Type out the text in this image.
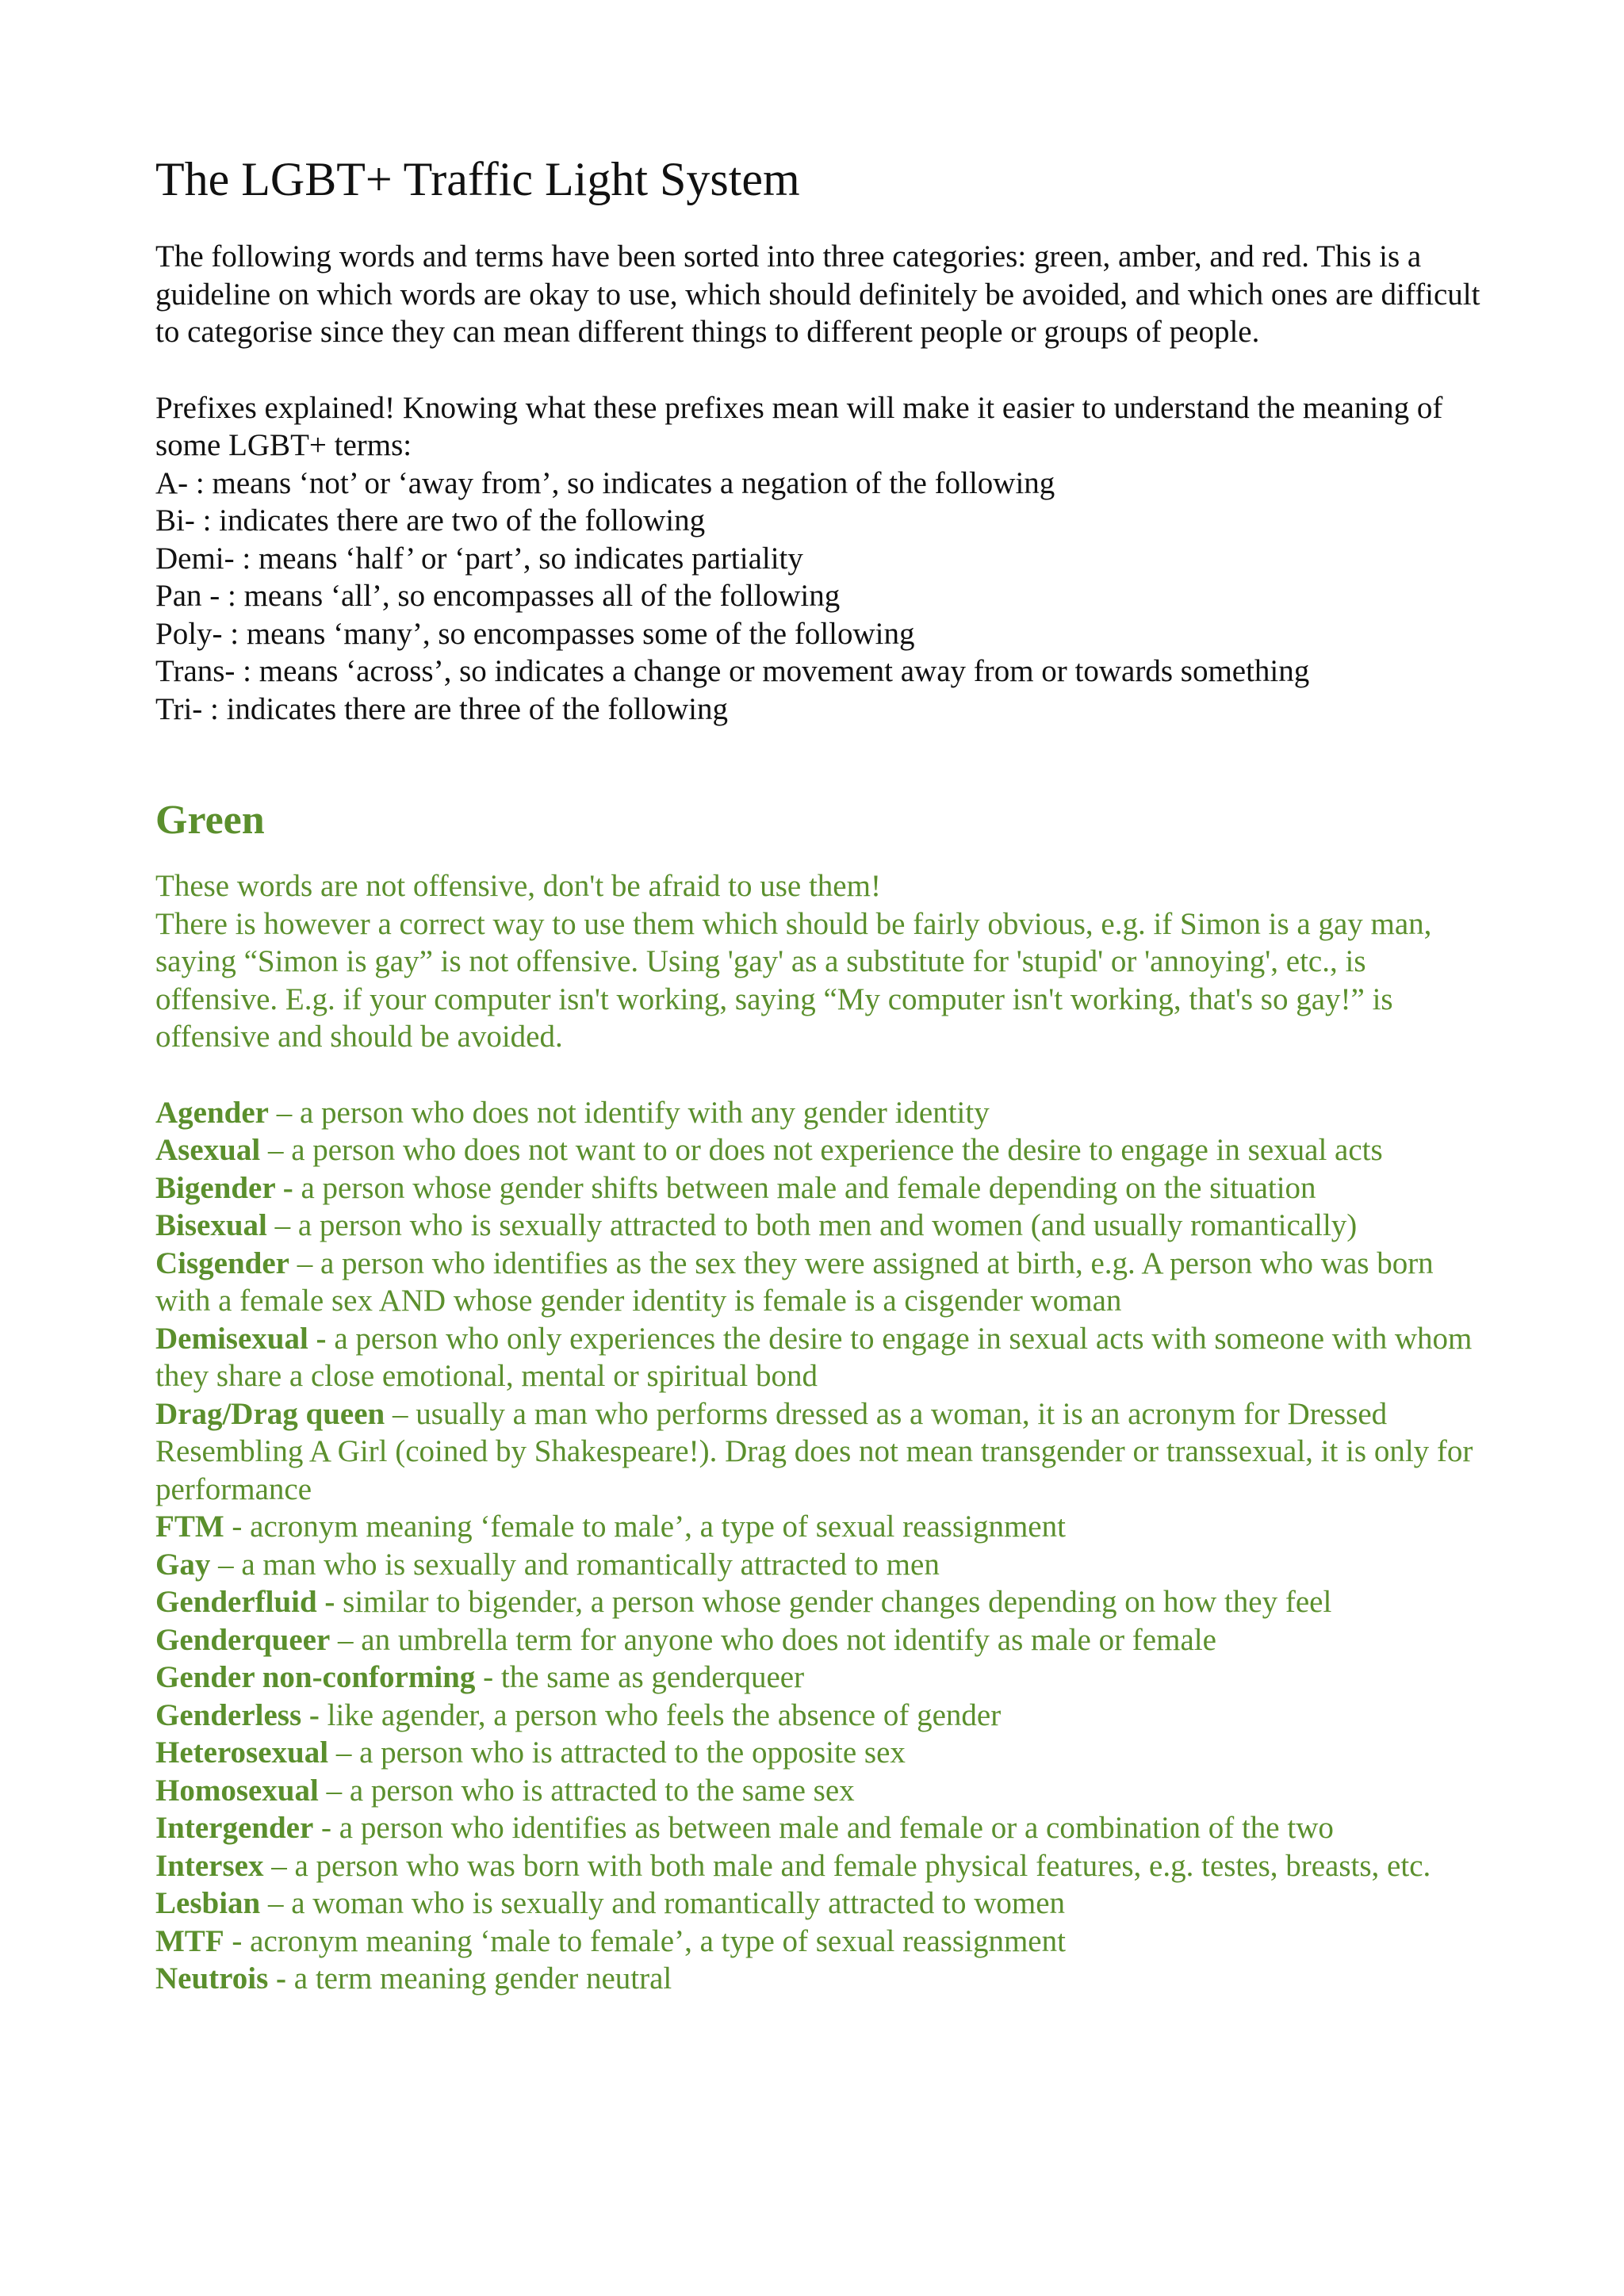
The LGBT+ Traffic Light System

The following words and terms have been sorted into three categories: green, amber, and red. This is a guideline on which words are okay to use, which should definitely be avoided, and which ones are difficult to categorise since they can mean different things to different people or groups of people.

Prefixes explained! Knowing what these prefixes mean will make it easier to understand the meaning of some LGBT+ terms:

A- : means ‘not’ or ‘away from’, so indicates a negation of the following
Bi- : indicates there are two of the following
Demi- : means ‘half’ or ‘part’, so indicates partiality
Pan - : means ‘all’, so encompasses all of the following
Poly- : means ‘many’, so encompasses some of the following
Trans- : means ‘across’, so indicates a change or movement away from or towards something
Tri- : indicates there are three of the following
Green

These words are not offensive, don't be afraid to use them!

There is however a correct way to use them which should be fairly obvious, e.g. if Simon is a gay man, saying “Simon is gay” is not offensive. Using 'gay' as a substitute for 'stupid' or 'annoying', etc., is offensive. E.g. if your computer isn't working, saying “My computer isn't working, that's so gay!” is offensive and should be avoided.

Agender – a person who does not identify with any gender identity
Asexual – a person who does not want to or does not experience the desire to engage in sexual acts
Bigender - a person whose gender shifts between male and female depending on the situation
Bisexual – a person who is sexually attracted to both men and women (and usually romantically)
Cisgender – a person who identifies as the sex they were assigned at birth, e.g. A person who was born with a female sex AND whose gender identity is female is a cisgender woman
Demisexual - a person who only experiences the desire to engage in sexual acts with someone with whom they share a close emotional, mental or spiritual bond
Drag/Drag queen – usually a man who performs dressed as a woman, it is an acronym for Dressed Resembling A Girl (coined by Shakespeare!). Drag does not mean transgender or transsexual, it is only for performance
FTM - acronym meaning ‘female to male’, a type of sexual reassignment
Gay – a man who is sexually and romantically attracted to men
Genderfluid - similar to bigender, a person whose gender changes depending on how they feel
Genderqueer – an umbrella term for anyone who does not identify as male or female
Gender non-conforming - the same as genderqueer
Genderless - like agender, a person who feels the absence of gender
Heterosexual – a person who is attracted to the opposite sex
Homosexual – a person who is attracted to the same sex
Intergender - a person who identifies as between male and female or a combination of the two
Intersex – a person who was born with both male and female physical features, e.g. testes, breasts, etc.
Lesbian – a woman who is sexually and romantically attracted to women
MTF - acronym meaning ‘male to female’, a type of sexual reassignment
Neutrois - a term meaning gender neutral
